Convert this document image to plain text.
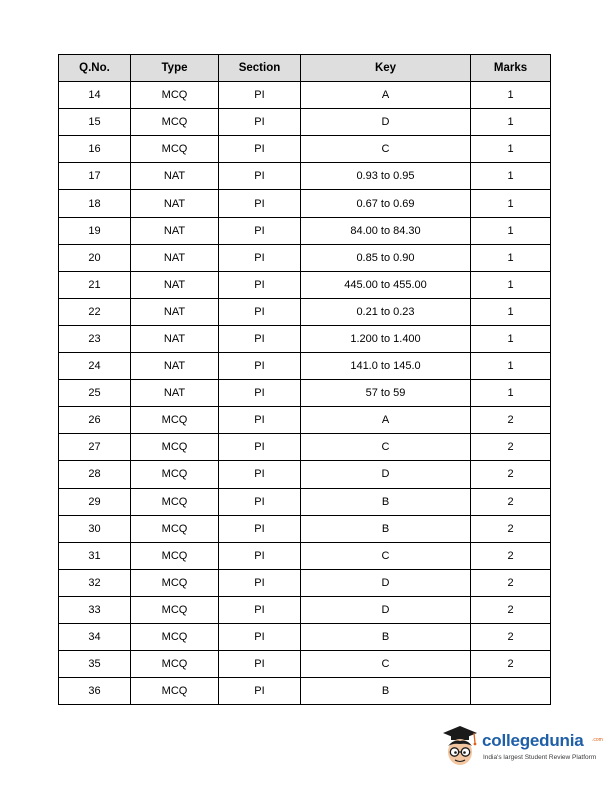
Q.No.	Type	Section	Key	Marks
14	MCQ	PI	A	1
15	MCQ	PI	D	1
16	MCQ	PI	C	1
17	NAT	PI	0.93 to 0.95	1
18	NAT	PI	0.67 to 0.69	1
19	NAT	PI	84.00 to 84.30	1
20	NAT	PI	0.85 to 0.90	1
21	NAT	PI	445.00 to 455.00	1
22	NAT	PI	0.21 to 0.23	1
23	NAT	PI	1.200 to 1.400	1
24	NAT	PI	141.0 to 145.0	1
25	NAT	PI	57 to 59	1
26	MCQ	PI	A	2
27	MCQ	PI	C	2
28	MCQ	PI	D	2
29	MCQ	PI	B	2
30	MCQ	PI	B	2
31	MCQ	PI	C	2
32	MCQ	PI	D	2
33	MCQ	PI	D	2
34	MCQ	PI	B	2
35	MCQ	PI	C	2
36	MCQ	PI	B	
collegedunia .com
India's largest Student Review Platform
